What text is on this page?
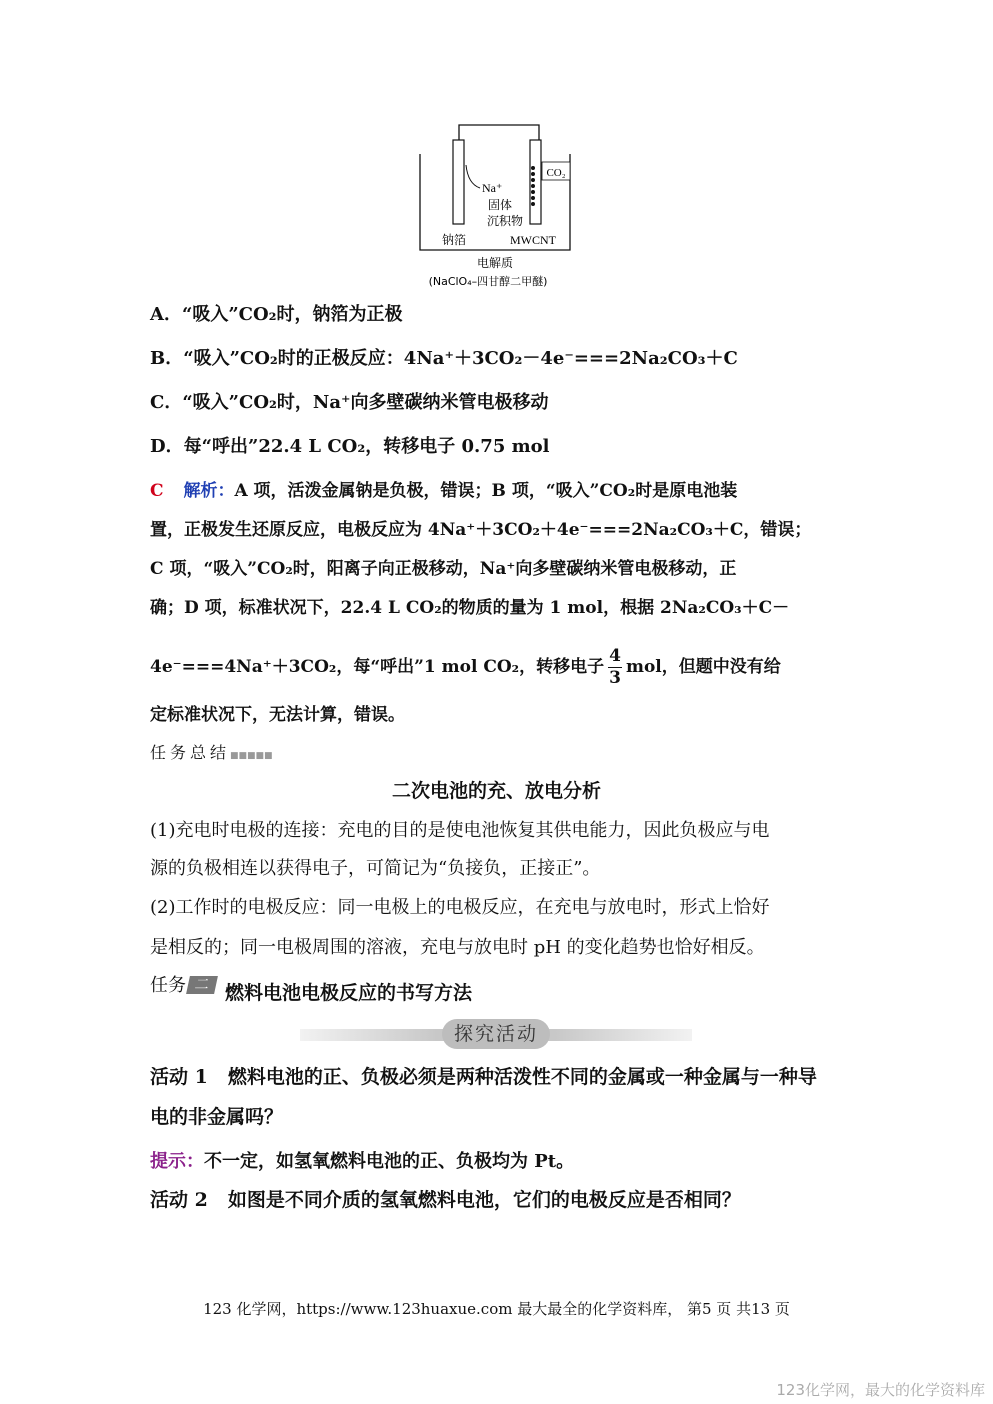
CO₂
Na⁺
固体
沉积物
钠箔	MWCNT
电解质
(NaClO₄–四甘醇二甲醚)
A．“吸入”CO₂时，钠箔为正极
B．“吸入”CO₂时的正极反应：4Na⁺＋3CO₂－4e⁻===2Na₂CO₃＋C
C．“吸入”CO₂时，Na⁺向多壁碳纳米管电极移动
D．每“呼出”22.4 L CO₂，转移电子 0.75 mol
C 解析：A 项，活泼金属钠是负极，错误；B 项，“吸入”CO₂时是原电池装
置，正极发生还原反应，电极反应为 4Na⁺＋3CO₂＋4e⁻===2Na₂CO₃＋C，错误；
C 项，“吸入”CO₂时，阳离子向正极移动，Na⁺向多壁碳纳米管电极移动，正
确；D 项，标准状况下，22.4 L CO₂的物质的量为 1 mol，根据 2Na₂CO₃＋C－
4e⁻===4Na⁺＋3CO₂，每“呼出”1 mol CO₂，转移电子 $\frac{4}{3}$ mol，但题中没有给
定标准状况下，无法计算，错误。
任务总结■■■■■
二次电池的充、放电分析
(1)充电时电极的连接：充电的目的是使电池恢复其供电能力，因此负极应与电
源的负极相连以获得电子，可简记为“负接负，正接正”。
(2)工作时的电极反应：同一电极上的电极反应，在充电与放电时，形式上恰好
是相反的；同一电极周围的溶液，充电与放电时 pH 的变化趋势也恰好相反。
任务 二 燃料电池电极反应的书写方法
探究活动
活动 1 燃料电池的正、负极必须是两种活泼性不同的金属或一种金属与一种导
电的非金属吗？
提示：不一定，如氢氧燃料电池的正、负极均为 Pt。
活动 2 如图是不同介质的氢氧燃料电池，它们的电极反应是否相同？
123 化学网，https://www.123huaxue.com 最大最全的化学资料库， 第5 页 共13 页
123化学网，最大的化学资料库
